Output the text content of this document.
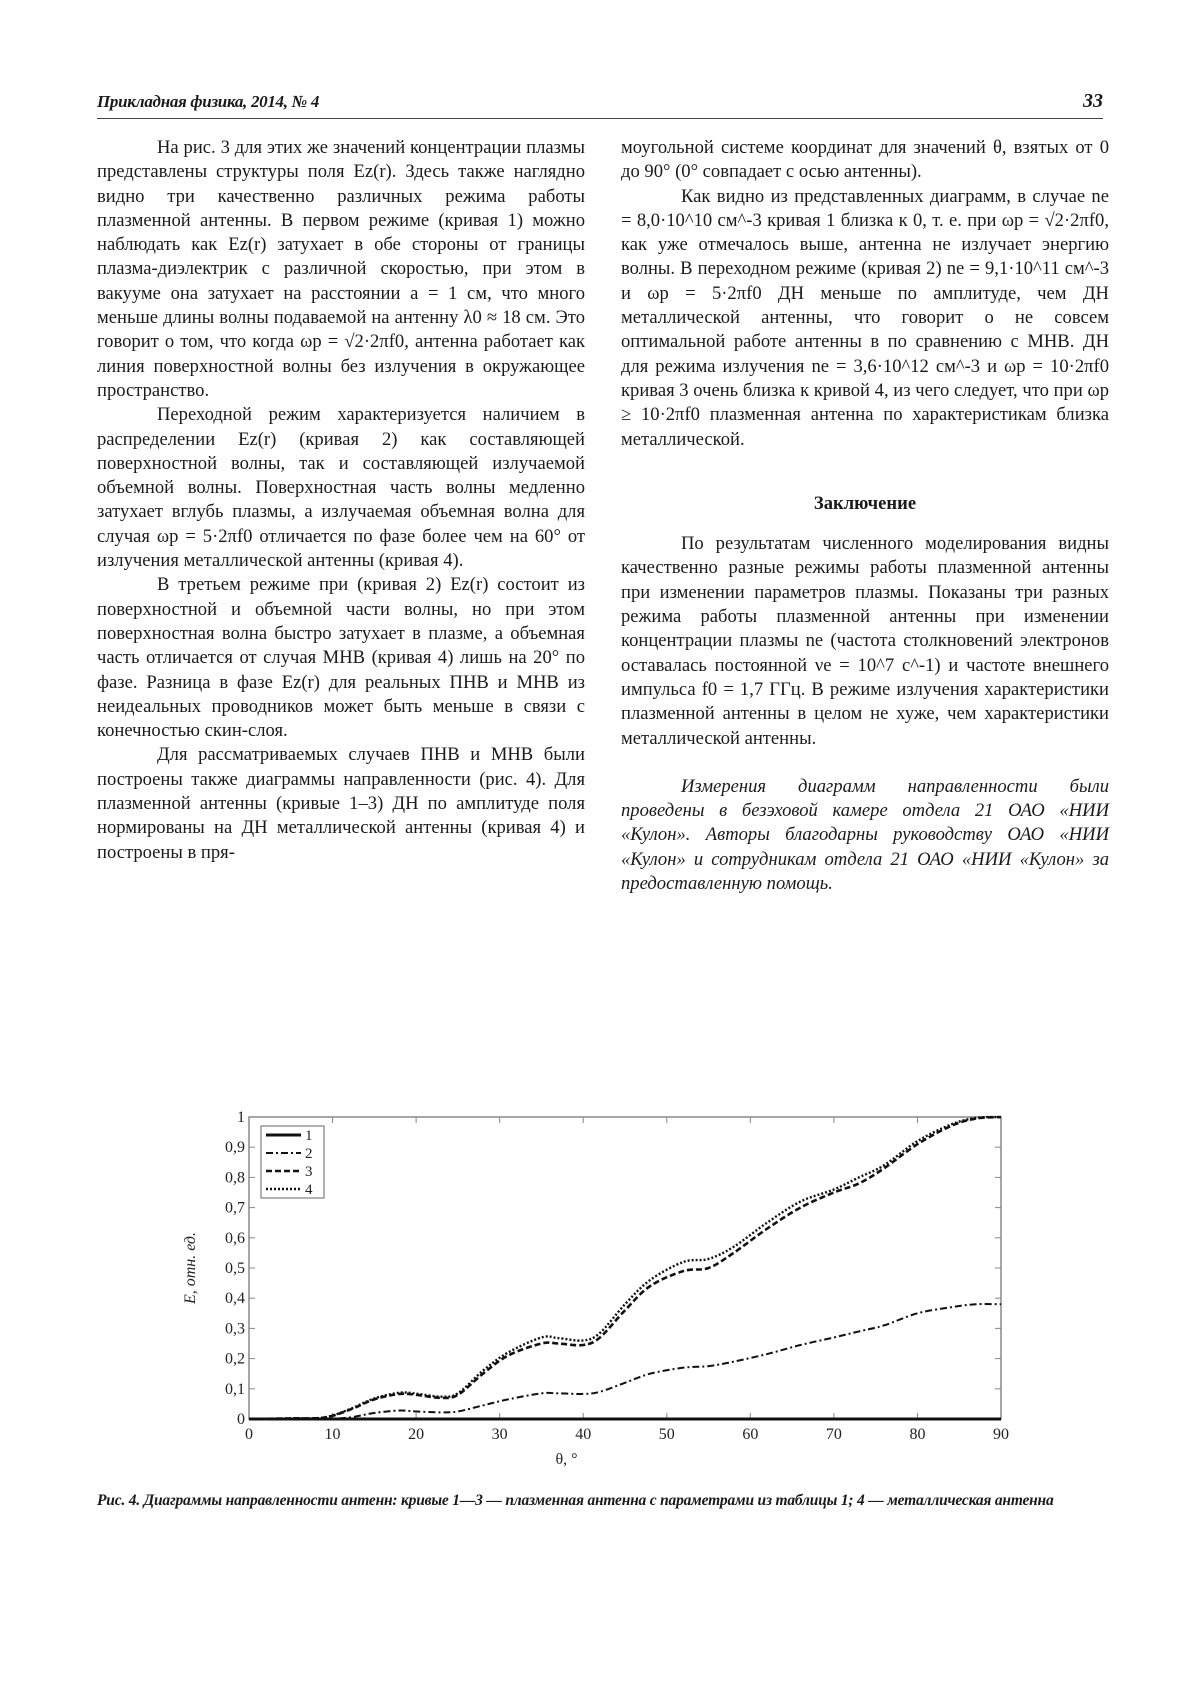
Прикладная физика, 2014, № 4	33

На рис. 3 для этих же значений концентрации плазмы представлены структуры поля Ez(r). Здесь также наглядно видно три качественно различных режима работы плазменной антенны. В первом режиме (кривая 1) можно наблюдать как Ez(r) затухает в обе стороны от границы плазма-диэлектрик с различной скоростью, при этом в вакууме она затухает на расстоянии a = 1 см, что много меньше длины волны подаваемой на антенну λ0 ≈ 18 см. Это говорит о том, что когда ωp = √2·2πf0, антенна работает как линия поверхностной волны без излучения в окружающее пространство.

Переходной режим характеризуется наличием в распределении Ez(r) (кривая 2) как составляющей поверхностной волны, так и составляющей излучаемой объемной волны. Поверхностная часть волны медленно затухает вглубь плазмы, а излучаемая объемная волна для случая ωp = 5·2πf0 отличается по фазе более чем на 60° от излучения металлической антенны (кривая 4).

В третьем режиме при (кривая 2) Ez(r) состоит из поверхностной и объемной части волны, но при этом поверхностная волна быстро затухает в плазме, а объемная часть отличается от случая МНВ (кривая 4) лишь на 20° по фазе. Разница в фазе Ez(r) для реальных ПНВ и МНВ из неидеальных проводников может быть меньше в связи с конечностью скин-слоя.

Для рассматриваемых случаев ПНВ и МНВ были построены также диаграммы направленности (рис. 4). Для плазменной антенны (кривые 1–3) ДН по амплитуде поля нормированы на ДН металлической антенны (кривая 4) и построены в пря-

моугольной системе координат для значений θ, взятых от 0 до 90° (0° совпадает с осью антенны).

Как видно из представленных диаграмм, в случае ne = 8,0·10^10 см^-3 кривая 1 близка к 0, т. е. при ωp = √2·2πf0, как уже отмечалось выше, антенна не излучает энергию волны. В переходном режиме (кривая 2) ne = 9,1·10^11 см^-3 и ωp = 5·2πf0 ДН меньше по амплитуде, чем ДН металлической антенны, что говорит о не совсем оптимальной работе антенны в по сравнению с МНВ. ДН для режима излучения ne = 3,6·10^12 см^-3 и ωp = 10·2πf0 кривая 3 очень близка к кривой 4, из чего следует, что при ωp ≥ 10·2πf0 плазменная антенна по характеристикам близка металлической.

Заключение

По результатам численного моделирования видны качественно разные режимы работы плазменной антенны при изменении параметров плазмы. Показаны три разных режима работы плазменной антенны при изменении концентрации плазмы ne (частота столкновений электронов оставалась постоянной νe = 10^7 с^-1) и частоте внешнего импульса f0 = 1,7 ГГц. В режиме излучения характеристики плазменной антенны в целом не хуже, чем характеристики металлической антенны.

Измерения диаграмм направленности были проведены в безэховой камере отдела 21 ОАО «НИИ «Кулон». Авторы благодарны руководству ОАО «НИИ «Кулон» и сотрудникам отдела 21 ОАО «НИИ «Кулон» за предоставленную помощь.

0	10	20	30	40	50	60	70	80	90
0
0,1
0,2
0,3
0,4
0,5
0,6
0,7
0,8
0,9
1
θ, °
E, отн. ед.
1
2
3
4
Рис. 4. Диаграммы направленности антенн: кривые 1—3 — плазменная антенна с параметрами из таблицы 1; 4 — металлическая антенна
